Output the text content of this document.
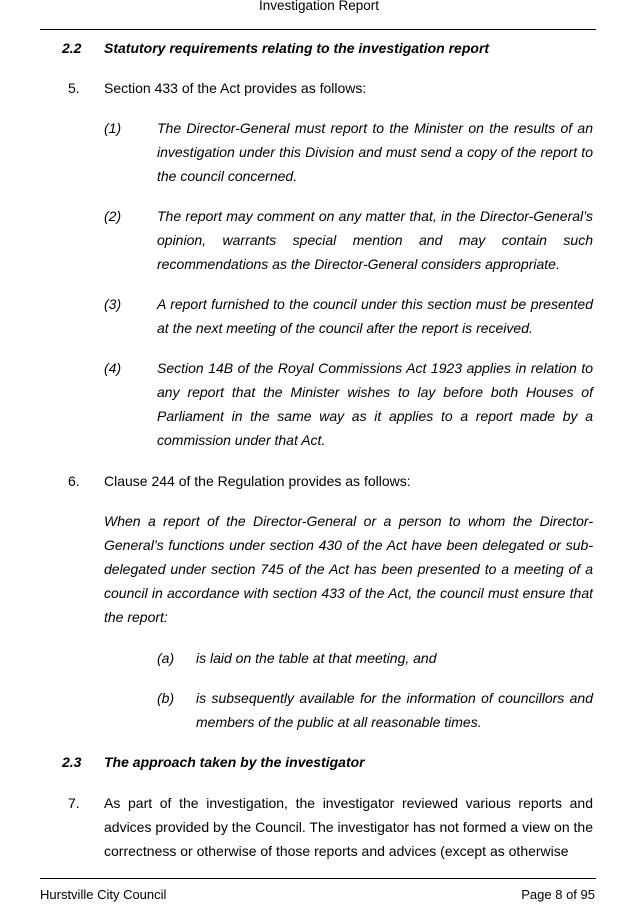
Investigation Report
2.2 Statutory requirements relating to the investigation report
5. Section 433 of the Act provides as follows:
(1)	The Director-General must report to the Minister on the results of an investigation under this Division and must send a copy of the report to the council concerned.
(2)	The report may comment on any matter that, in the Director-General’s opinion, warrants special mention and may contain such recommendations as the Director-General considers appropriate.
(3)	A report furnished to the council under this section must be presented at the next meeting of the council after the report is received.
(4)	Section 14B of the Royal Commissions Act 1923 applies in relation to any report that the Minister wishes to lay before both Houses of Parliament in the same way as it applies to a report made by a commission under that Act.
6. Clause 244 of the Regulation provides as follows:
When a report of the Director-General or a person to whom the Director-General’s functions under section 430 of the Act have been delegated or sub-delegated under section 745 of the Act has been presented to a meeting of a council in accordance with section 433 of the Act, the council must ensure that the report:
(a) is laid on the table at that meeting, and
(b) is subsequently available for the information of councillors and members of the public at all reasonable times.
2.3 The approach taken by the investigator
7. As part of the investigation, the investigator reviewed various reports and advices provided by the Council. The investigator has not formed a view on the correctness or otherwise of those reports and advices (except as otherwise
Hurstville City Council	Page 8 of 95
